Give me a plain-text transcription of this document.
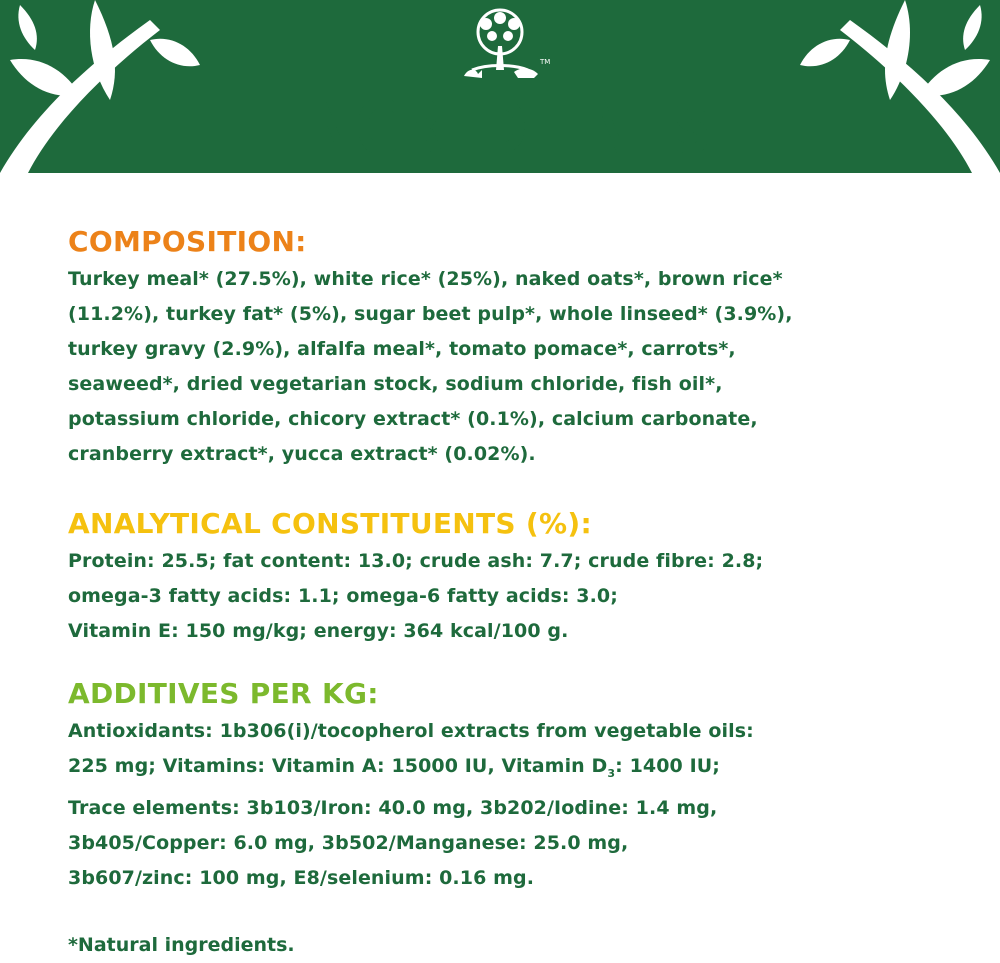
TM
INGREDIENTS

COMPOSITION:

Turkey meal* (27.5%), white rice* (25%), naked oats*, brown rice*

(11.2%), turkey fat* (5%), sugar beet pulp*, whole linseed* (3.9%),

turkey gravy (2.9%), alfalfa meal*, tomato pomace*, carrots*,

seaweed*, dried vegetarian stock, sodium chloride, fish oil*,

potassium chloride, chicory extract* (0.1%), calcium carbonate,

cranberry extract*, yucca extract* (0.02%).

ANALYTICAL CONSTITUENTS (%):

Protein: 25.5; fat content: 13.0; crude ash: 7.7; crude fibre: 2.8;

omega-3 fatty acids: 1.1; omega-6 fatty acids: 3.0;

Vitamin E: 150 mg/kg; energy: 364 kcal/100 g.

ADDITIVES PER KG:

Antioxidants: 1b306(i)/tocopherol extracts from vegetable oils:

225 mg; Vitamins: Vitamin A: 15000 IU, Vitamin $D_3$: 1400 IU;

Trace elements: 3b103/Iron: 40.0 mg, 3b202/Iodine: 1.4 mg,

3b405/Copper: 6.0 mg, 3b502/Manganese: 25.0 mg,

3b607/zinc: 100 mg, E8/selenium: 0.16 mg.

*Natural ingredients.
